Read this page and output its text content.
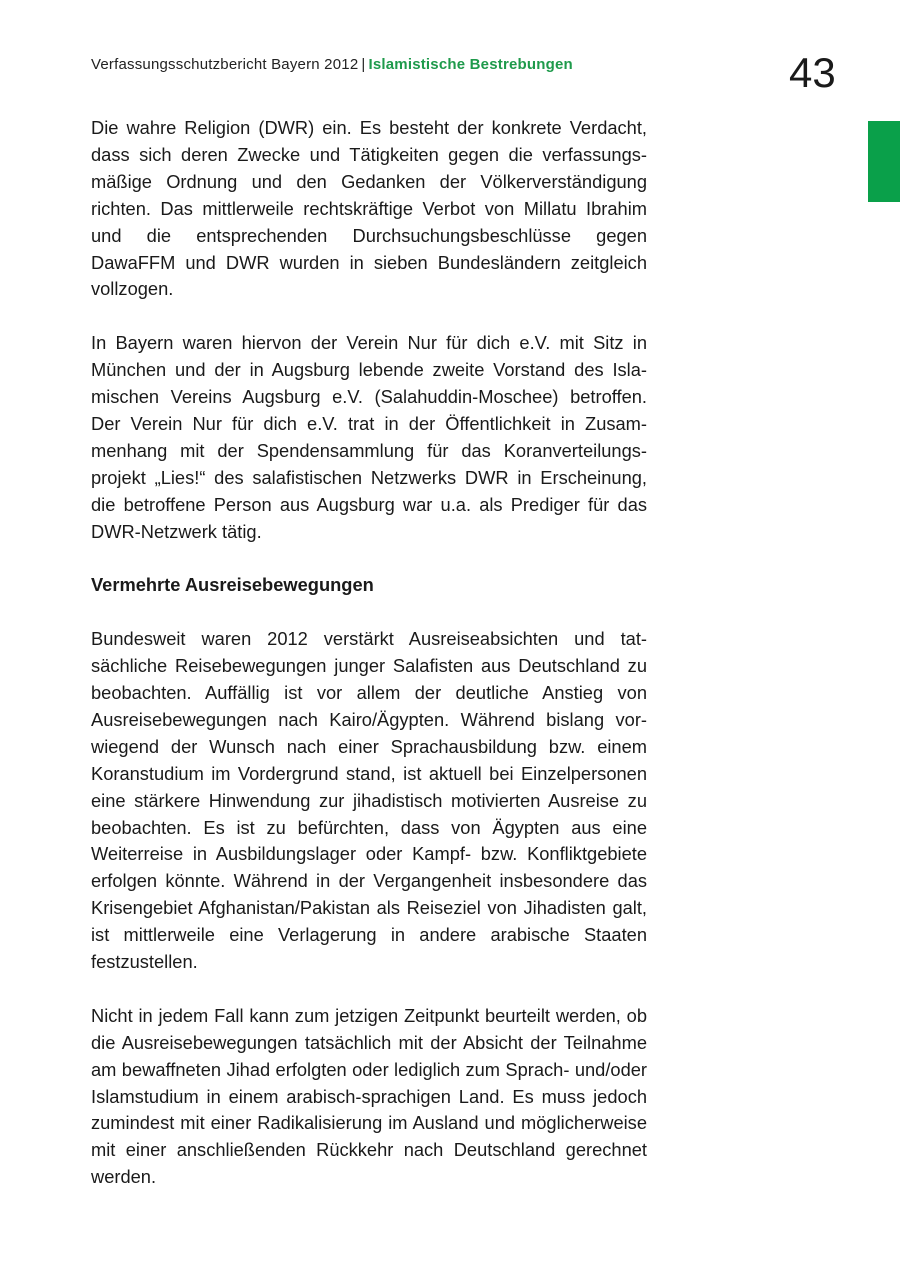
Verfassungsschutzbericht Bayern 2012 | Islamistische Bestrebungen	43

Die wahre Religion (DWR) ein. Es besteht der konkrete Verdacht, dass sich deren Zwecke und Tätigkeiten gegen die verfassungsmäßige Ordnung und den Gedanken der Völkerverständigung richten. Das mittlerweile rechtskräftige Verbot von Millatu Ibrahim und die entsprechenden Durchsuchungsbeschlüsse gegen DawaFFM und DWR wurden in sieben Bundesländern zeitgleich vollzogen.

In Bayern waren hiervon der Verein Nur für dich e.V. mit Sitz in München und der in Augsburg lebende zweite Vorstand des Islamischen Vereins Augsburg e.V. (Salahuddin-Moschee) betroffen. Der Verein Nur für dich e.V. trat in der Öffentlichkeit in Zusammenhang mit der Spendensammlung für das Koranverteilungsprojekt „Lies!“ des salafistischen Netzwerks DWR in Erscheinung, die betroffene Person aus Augsburg war u.a. als Prediger für das DWR-Netzwerk tätig.

Vermehrte Ausreisebewegungen

Bundesweit waren 2012 verstärkt Ausreiseabsichten und tatsächliche Reisebewegungen junger Salafisten aus Deutschland zu beobachten. Auffällig ist vor allem der deutliche Anstieg von Ausreisebewegungen nach Kairo/Ägypten. Während bislang vorwiegend der Wunsch nach einer Sprachausbildung bzw. einem Koranstudium im Vordergrund stand, ist aktuell bei Einzelpersonen eine stärkere Hinwendung zur jihadistisch motivierten Ausreise zu beobachten. Es ist zu befürchten, dass von Ägypten aus eine Weiterreise in Ausbildungslager oder Kampf- bzw. Konfliktgebiete erfolgen könnte. Während in der Vergangenheit insbesondere das Krisengebiet Afghanistan/Pakistan als Reiseziel von Jihadisten galt, ist mittlerweile eine Verlagerung in andere arabische Staaten festzustellen.

Nicht in jedem Fall kann zum jetzigen Zeitpunkt beurteilt werden, ob die Ausreisebewegungen tatsächlich mit der Absicht der Teilnahme am bewaffneten Jihad erfolgten oder lediglich zum Sprach- und/oder Islamstudium in einem arabisch-sprachigen Land. Es muss jedoch zumindest mit einer Radikalisierung im Ausland und möglicherweise mit einer anschließenden Rückkehr nach Deutschland gerechnet werden.
